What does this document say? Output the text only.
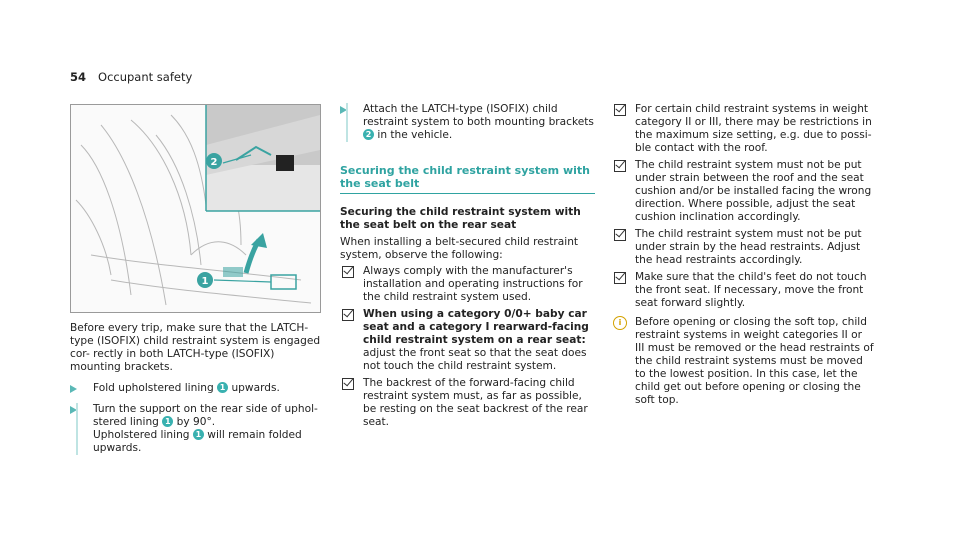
54 Occupant safety
2
1

Before every trip, make sure that the LATCH-type (ISOFIX) child restraint system is engaged cor- rectly in both LATCH-type (ISOFIX) mounting brackets.

Fold upholstered lining 1 upwards.
Turn the support on the rear side of uphol- stered lining 1 by 90°.
Upholstered lining 1 will remain folded upwards.
Attach the LATCH-type (ISOFIX) child restraint system to both mounting brackets 2 in the vehicle.
Securing the child restraint system with the seat belt

Securing the child restraint system with the seat belt on the rear seat

When installing a belt-secured child restraint system, observe the following:

Always comply with the manufacturer's installation and operating instructions for the child restraint system used.
When using a category 0/0+ baby car seat and a category I rearward-facing child restraint system on a rear seat: adjust the front seat so that the seat does not touch the child restraint system.
The backrest of the forward-facing child restraint system must, as far as possible, be resting on the seat backrest of the rear seat.
For certain child restraint systems in weight category II or III, there may be restrictions in the maximum size setting, e.g. due to possi- ble contact with the roof.
The child restraint system must not be put under strain between the roof and the seat cushion and/or be installed facing the wrong direction. Where possible, adjust the seat cushion inclination accordingly.
The child restraint system must not be put under strain by the head restraints. Adjust the head restraints accordingly.
Make sure that the child's feet do not touch the front seat. If necessary, move the front seat forward slightly.
i	Before opening or closing the soft top, child restraint systems in weight categories II or III must be removed or the head restraints of the child restraint systems must be moved to the lowest position. In this case, let the child get out before opening or closing the soft top.
